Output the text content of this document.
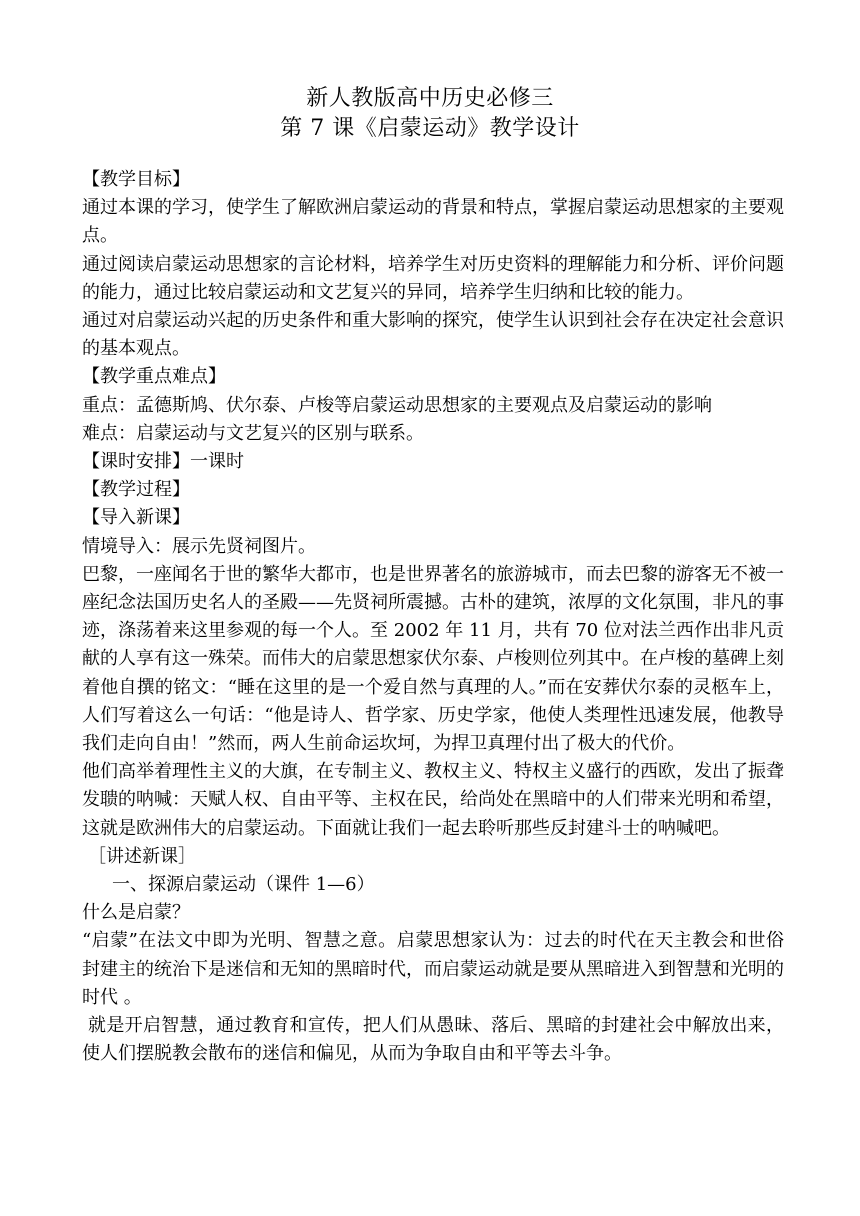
新人教版高中历史必修三
第 7 课《启蒙运动》教学设计

【教学目标】

通过本课的学习，使学生了解欧洲启蒙运动的背景和特点，掌握启蒙运动思想家的主要观点。

通过阅读启蒙运动思想家的言论材料，培养学生对历史资料的理解能力和分析、评价问题的能力，通过比较启蒙运动和文艺复兴的异同，培养学生归纳和比较的能力。

通过对启蒙运动兴起的历史条件和重大影响的探究，使学生认识到社会存在决定社会意识的基本观点。

【教学重点难点】

重点：孟德斯鸠、伏尔泰、卢梭等启蒙运动思想家的主要观点及启蒙运动的影响

难点：启蒙运动与文艺复兴的区别与联系。

【课时安排】一课时

【教学过程】

【导入新课】

情境导入：展示先贤祠图片。

巴黎，一座闻名于世的繁华大都市，也是世界著名的旅游城市，而去巴黎的游客无不被一座纪念法国历史名人的圣殿——先贤祠所震撼。古朴的建筑，浓厚的文化氛围，非凡的事迹，涤荡着来这里参观的每一个人。至 2002 年 11 月，共有 70 位对法兰西作出非凡贡献的人享有这一殊荣。而伟大的启蒙思想家伏尔泰、卢梭则位列其中。在卢梭的墓碑上刻着他自撰的铭文：“睡在这里的是一个爱自然与真理的人。”而在安葬伏尔泰的灵柩车上，人们写着这么一句话：“他是诗人、哲学家、历史学家，他使人类理性迅速发展，他教导我们走向自由！”然而，两人生前命运坎坷，为捍卫真理付出了极大的代价。

他们高举着理性主义的大旗，在专制主义、教权主义、特权主义盛行的西欧，发出了振聋发聩的呐喊：天赋人权、自由平等、主权在民，给尚处在黑暗中的人们带来光明和希望，这就是欧洲伟大的启蒙运动。下面就让我们一起去聆听那些反封建斗士的呐喊吧。

［讲述新课］

一、探源启蒙运动（课件 1—6）

什么是启蒙？

“启蒙”在法文中即为光明、智慧之意。启蒙思想家认为：过去的时代在天主教会和世俗封建主的统治下是迷信和无知的黑暗时代，而启蒙运动就是要从黑暗进入到智慧和光明的时代 。

就是开启智慧，通过教育和宣传，把人们从愚昧、落后、黑暗的封建社会中解放出来，使人们摆脱教会散布的迷信和偏见，从而为争取自由和平等去斗争。
